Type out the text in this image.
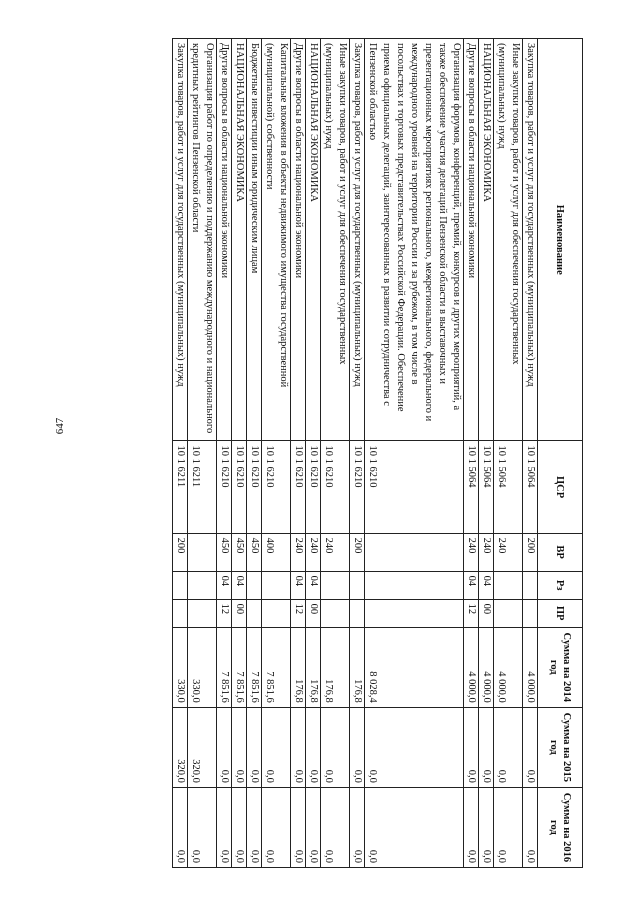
647
Наименование	ЦСР	ВР	Рз	ПР	Сумма на 2014 год	Сумма на 2015 год	Сумма на 2016 год
Закупка товаров, работ и услуг для государственных (муниципальных) нужд	10 1 5064	200			4 000,0	0,0	0,0
Иные закупки товаров, работ и услуг для обеспечения государственных (муниципальных) нужд	10 1 5064	240			4 000,0	0,0	0,0
НАЦИОНАЛЬНАЯ ЭКОНОМИКА	10 1 5064	240	04	00	4 000,0	0,0	0,0
Другие вопросы в области национальной экономики	10 1 5064	240	04	12	4 000,0	0,0	0,0
Организация форумов, конференций, премий, конкурсов и других мероприятий, а также обеспечение участия делегаций Пензенской области в выставочных и презентационных мероприятиях регионального, межрегионального, федерального и международного уровней на территории России и за рубежом, в том числе в посольствах и торговых представительствах Российской Федерации. Обеспечение приема официальных делегаций, заинтересованных в развитии сотрудничества с Пензенской областью	10 1 6210				8 028,4	0,0	0,0
Закупка товаров, работ и услуг для государственных (муниципальных) нужд	10 1 6210	200			176,8	0,0	0,0
Иные закупки товаров, работ и услуг для обеспечения государственных (муниципальных) нужд	10 1 6210	240			176,8	0,0	0,0
НАЦИОНАЛЬНАЯ ЭКОНОМИКА	10 1 6210	240	04	00	176,8	0,0	0,0
Другие вопросы в области национальной экономики	10 1 6210	240	04	12	176,8	0,0	0,0
Капитальные вложения в объекты недвижимого имущества государственной (муниципальной) собственности	10 1 6210	400			7 851,6	0,0	0,0
Бюджетные инвестиции иным юридическим лицам	10 1 6210	450			7 851,6	0,0	0,0
НАЦИОНАЛЬНАЯ ЭКОНОМИКА	10 1 6210	450	04	00	7 851,6	0,0	0,0
Другие вопросы в области национальной экономики	10 1 6210	450	04	12	7 851,6	0,0	0,0
Организация работ по определению и поддержанию международного и национального кредитных рейтингов Пензенской области	10 1 6211				330,0	320,0	0,0
Закупка товаров, работ и услуг для государственных (муниципальных) нужд	10 1 6211	200			330,0	320,0	0,0
